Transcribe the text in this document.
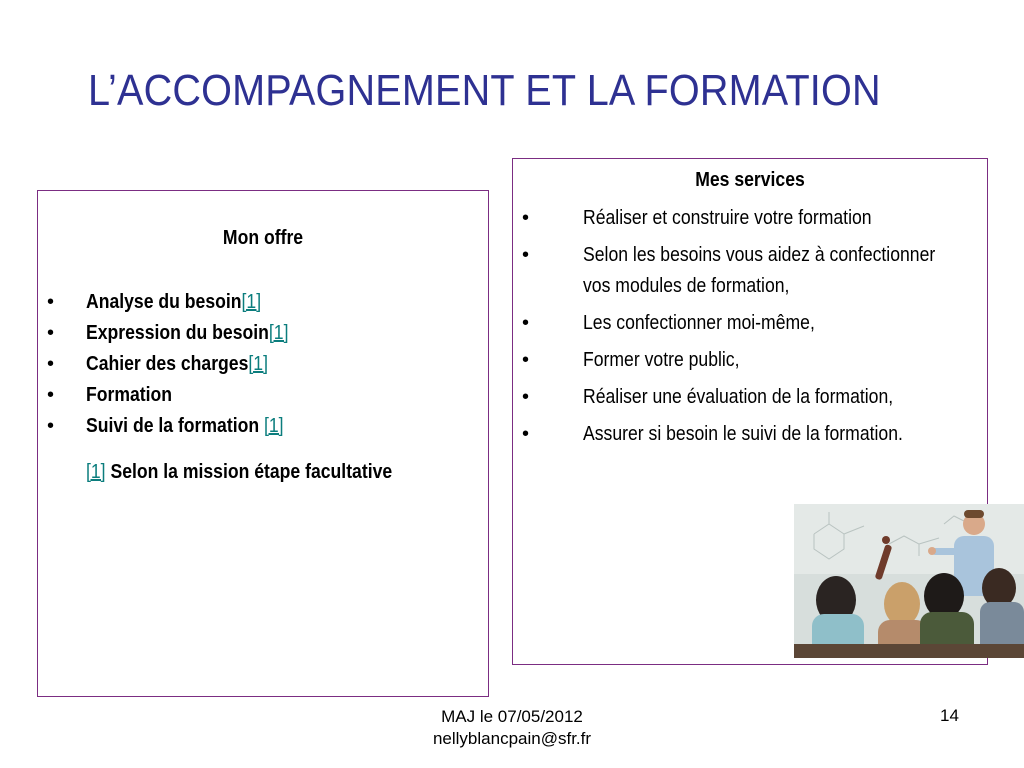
L’ACCOMPAGNEMENT ET LA FORMATION
Mon offre
• Analyse du besoin[1]
• Expression du besoin[1]
• Cahier des charges[1]
• Formation
• Suivi de la formation [1]
[1] Selon la mission étape facultative
Mes services
•	Réaliser et construire votre formation
•	Selon les besoins vous aidez à confectionner vos modules de formation,
•	Les confectionner moi-même,
•	Former votre public,
•	Réaliser une évaluation de la formation,
•	Assurer si besoin le suivi de la formation.
MAJ le 07/05/2012
nellyblancpain@sfr.fr
14
